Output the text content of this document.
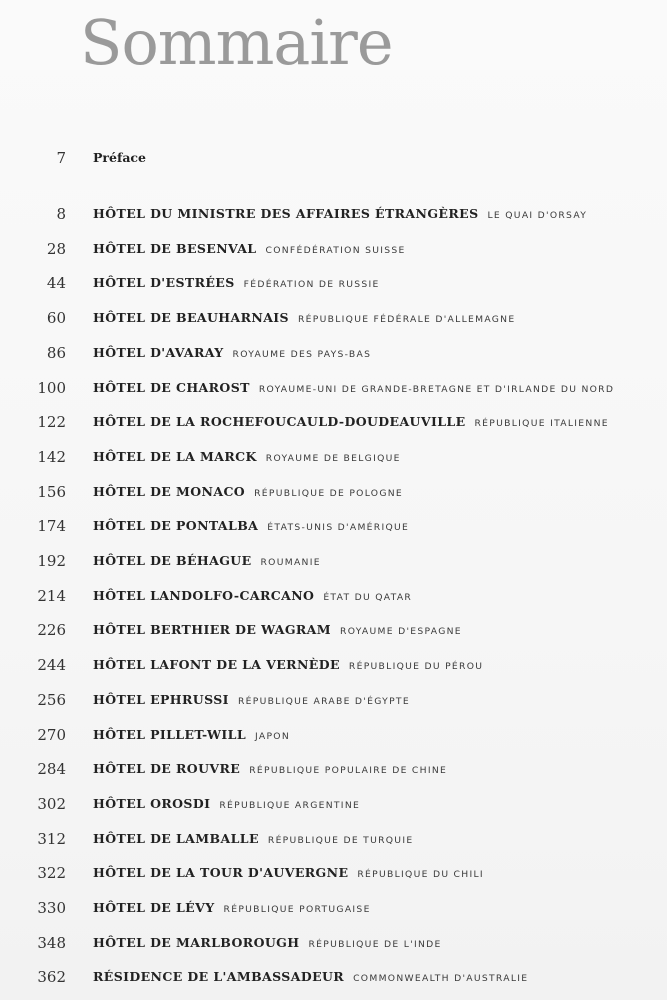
Sommaire
7 Préface
8 HÔTEL DU MINISTRE DES AFFAIRES ÉTRANGÈRES LE QUAI D'ORSAY
28 HÔTEL DE BESENVAL CONFÉDÉRATION SUISSE
44 HÔTEL D'ESTRÉES FÉDÉRATION DE RUSSIE
60 HÔTEL DE BEAUHARNAIS RÉPUBLIQUE FÉDÉRALE D'ALLEMAGNE
86 HÔTEL D'AVARAY ROYAUME DES PAYS-BAS
100 HÔTEL DE CHAROST ROYAUME-UNI DE GRANDE-BRETAGNE ET D'IRLANDE DU NORD
122 HÔTEL DE LA ROCHEFOUCAULD-DOUDEAUVILLE RÉPUBLIQUE ITALIENNE
142 HÔTEL DE LA MARCK ROYAUME DE BELGIQUE
156 HÔTEL DE MONACO RÉPUBLIQUE DE POLOGNE
174 HÔTEL DE PONTALBA ÉTATS-UNIS D'AMÉRIQUE
192 HÔTEL DE BÉHAGUE ROUMANIE
214 HÔTEL LANDOLFO-CARCANO ÉTAT DU QATAR
226 HÔTEL BERTHIER DE WAGRAM ROYAUME D'ESPAGNE
244 HÔTEL LAFONT DE LA VERNÈDE RÉPUBLIQUE DU PÉROU
256 HÔTEL EPHRUSSI RÉPUBLIQUE ARABE D'ÉGYPTE
270 HÔTEL PILLET-WILL JAPON
284 HÔTEL DE ROUVRE RÉPUBLIQUE POPULAIRE DE CHINE
302 HÔTEL OROSDI RÉPUBLIQUE ARGENTINE
312 HÔTEL DE LAMBALLE RÉPUBLIQUE DE TURQUIE
322 HÔTEL DE LA TOUR D'AUVERGNE RÉPUBLIQUE DU CHILI
330 HÔTEL DE LÉVY RÉPUBLIQUE PORTUGAISE
348 HÔTEL DE MARLBOROUGH RÉPUBLIQUE DE L'INDE
362 RÉSIDENCE DE L'AMBASSADEUR COMMONWEALTH D'AUSTRALIE
